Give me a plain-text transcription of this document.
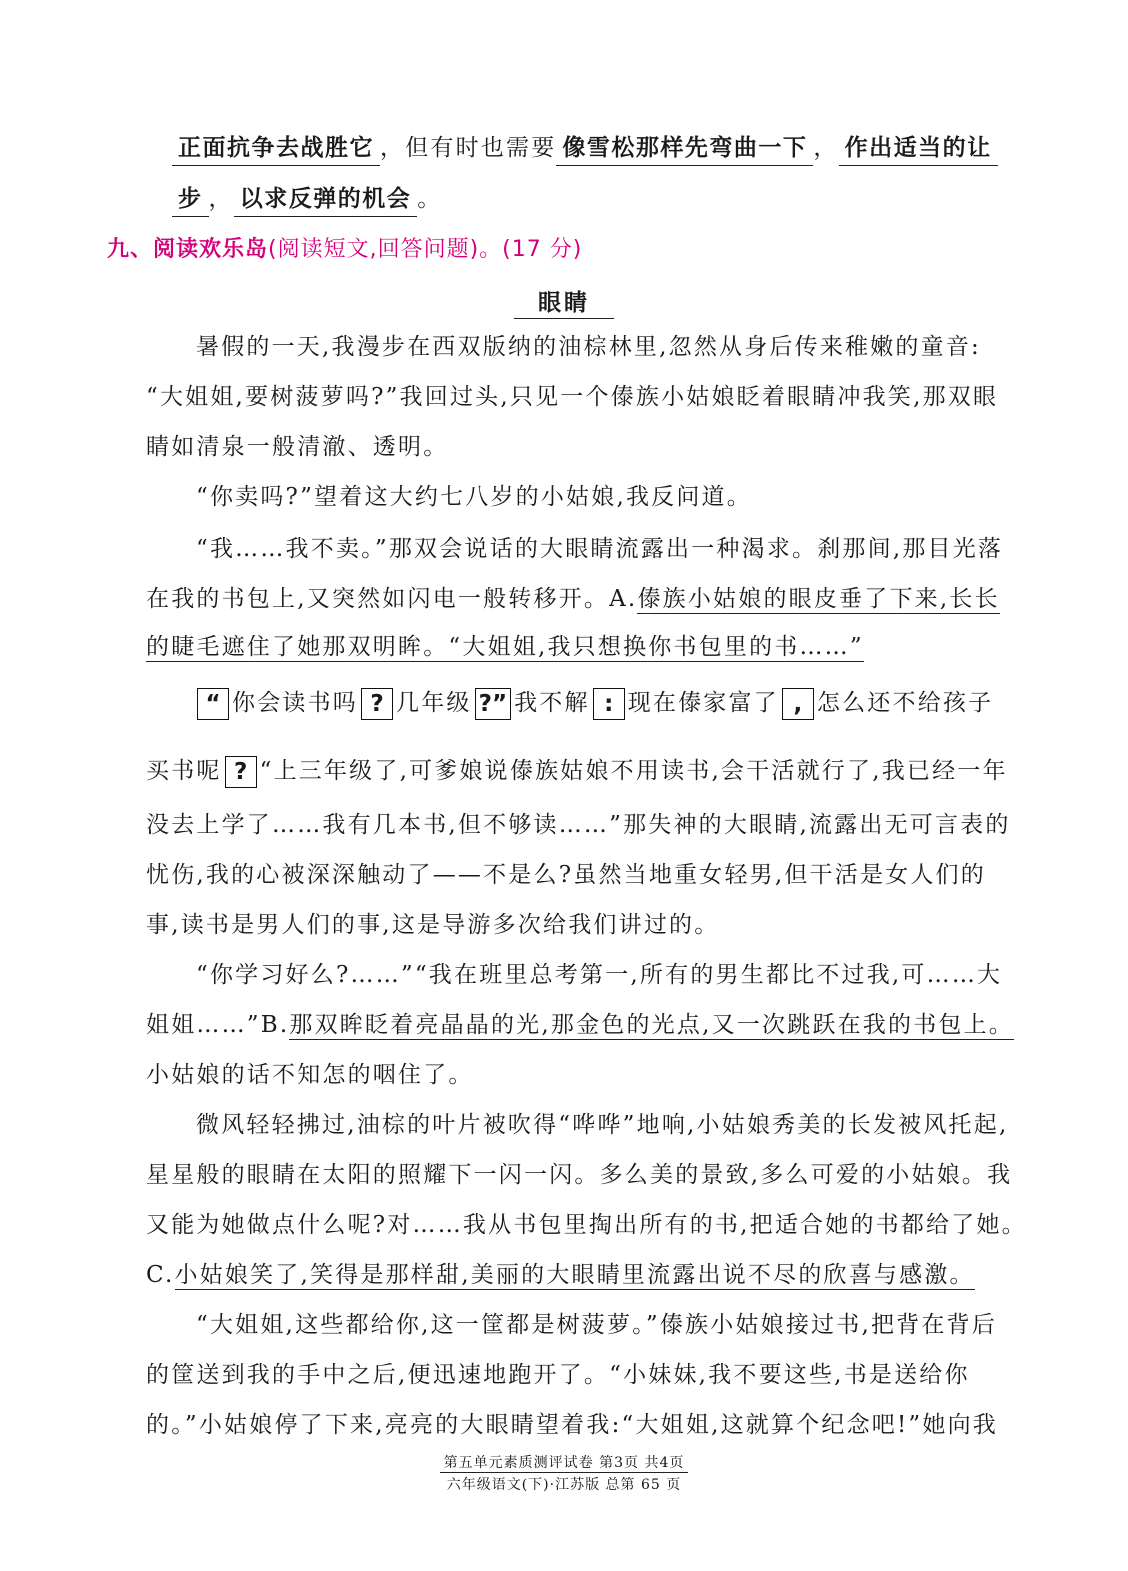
正面抗争去战胜它 ，但有时也需要 像雪松那样先弯曲一下 ， 作出适当的让
步 ， 以求反弹的机会 。
九、阅读欢乐岛(阅读短文,回答问题)。(17 分)
眼睛
暑假的一天,我漫步在西双版纳的油棕林里,忽然从身后传来稚嫩的童音:
“大姐姐,要树菠萝吗?”我回过头,只见一个傣族小姑娘眨着眼睛冲我笑,那双眼
睛如清泉一般清澈、透明。
“你卖吗?”望着这大约七八岁的小姑娘,我反问道。
“我……我不卖。”那双会说话的大眼睛流露出一种渴求。刹那间,那目光落
在我的书包上,又突然如闪电一般转移开。A.傣族小姑娘的眼皮垂了下来,长长
的睫毛遮住了她那双明眸。“大姐姐,我只想换你书包里的书……”
“ 你会读书吗 ? 几年级 ?” 我不解 : 现在傣家富了 , 怎么还不给孩子
买书呢 ? “上三年级了,可爹娘说傣族姑娘不用读书,会干活就行了,我已经一年
没去上学了……我有几本书,但不够读……”那失神的大眼睛,流露出无可言表的
忧伤,我的心被深深触动了——不是么?虽然当地重女轻男,但干活是女人们的
事,读书是男人们的事,这是导游多次给我们讲过的。
“你学习好么?……”“我在班里总考第一,所有的男生都比不过我,可……大
姐姐……”B.那双眸眨着亮晶晶的光,那金色的光点,又一次跳跃在我的书包上。
小姑娘的话不知怎的咽住了。
微风轻轻拂过,油棕的叶片被吹得“哗哗”地响,小姑娘秀美的长发被风托起,
星星般的眼睛在太阳的照耀下一闪一闪。多么美的景致,多么可爱的小姑娘。我
又能为她做点什么呢?对……我从书包里掏出所有的书,把适合她的书都给了她。
C.小姑娘笑了,笑得是那样甜,美丽的大眼睛里流露出说不尽的欣喜与感激。
“大姐姐,这些都给你,这一筐都是树菠萝。”傣族小姑娘接过书,把背在背后
的筐送到我的手中之后,便迅速地跑开了。“小妹妹,我不要这些,书是送给你
的。”小姑娘停了下来,亮亮的大眼睛望着我:“大姐姐,这就算个纪念吧!”她向我
第五单元素质测评试卷 第3页 共4页
六年级语文(下)·江苏版 总第 65 页
